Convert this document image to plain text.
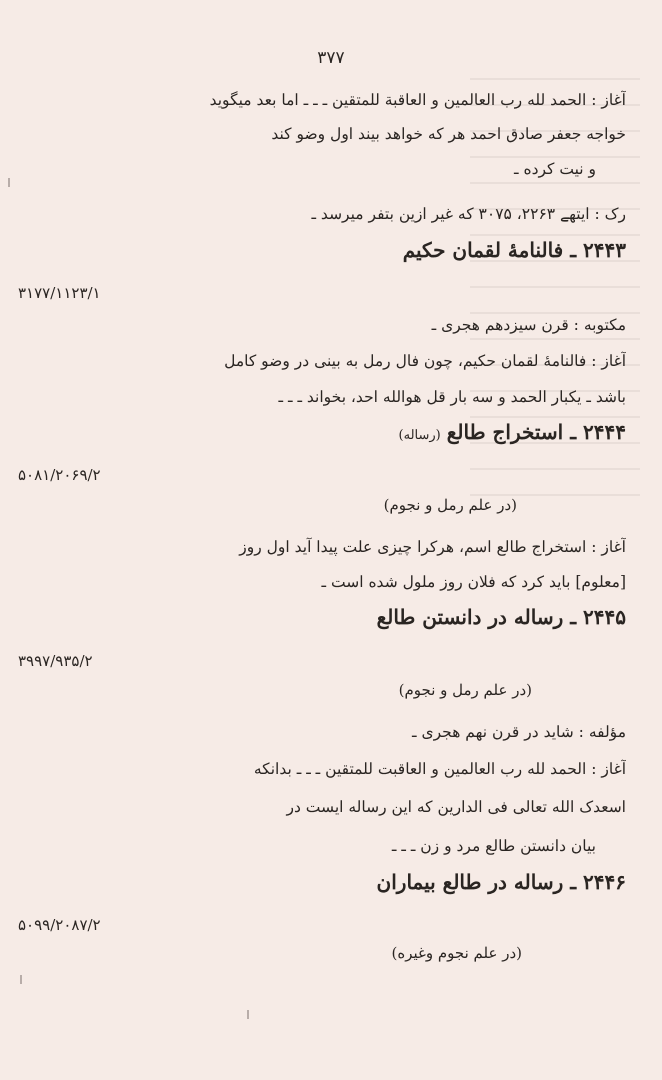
۳۷۷
آغاز : الحمد لله رب العالمین و العاقبة للمتقین ـ ـ ـ اما بعد میگوید
خواجه جعفر صادق احمد هر که خواهد بیند اول وضو کند
و نیت کرده ـ
رک : ایتھے ۲۲۶۳، ۳۰۷۵ که غیر ازین بتفر میرسد ـ
۲۴۴۳ ـ فالنامهٔ لقمان حکیم
۳۱۷۷/۱۱۲۳/۱
مکتوبه : قرن سیزدهم هجری ـ
آغاز : فالنامهٔ لقمان حکیم، چون فال رمل به بینی در وضو کامل
باشد ـ یکبار الحمد و سه بار قل هوالله احد، بخواند ـ ـ ـ
۲۴۴۴ ـ استخراج طالع(رساله)
۵۰۸۱/۲۰۶۹/۲
(در علم رمل و نجوم)
آغاز : استخراج طالع اسم، هرکرا چیزی علت پیدا آید اول روز
[معلوم] باید کرد که فلان روز ملول شده است ـ
۲۴۴۵ ـ رساله در دانستن طالع
۳۹۹۷/۹۳۵/۲
(در علم رمل و نجوم)
مؤلفه : شاید در قرن نهم هجری ـ
آغاز : الحمد لله رب العالمین و العاقبت للمتقین ـ ـ ـ بدانکه
اسعدک الله تعالی فی الدارین که این رساله ایست در
بیان دانستن طالع مرد و زن ـ ـ ـ
۲۴۴۶ ـ رساله در طالع بیماران
۵۰۹۹/۲۰۸۷/۲
(در علم نجوم وغیره)
